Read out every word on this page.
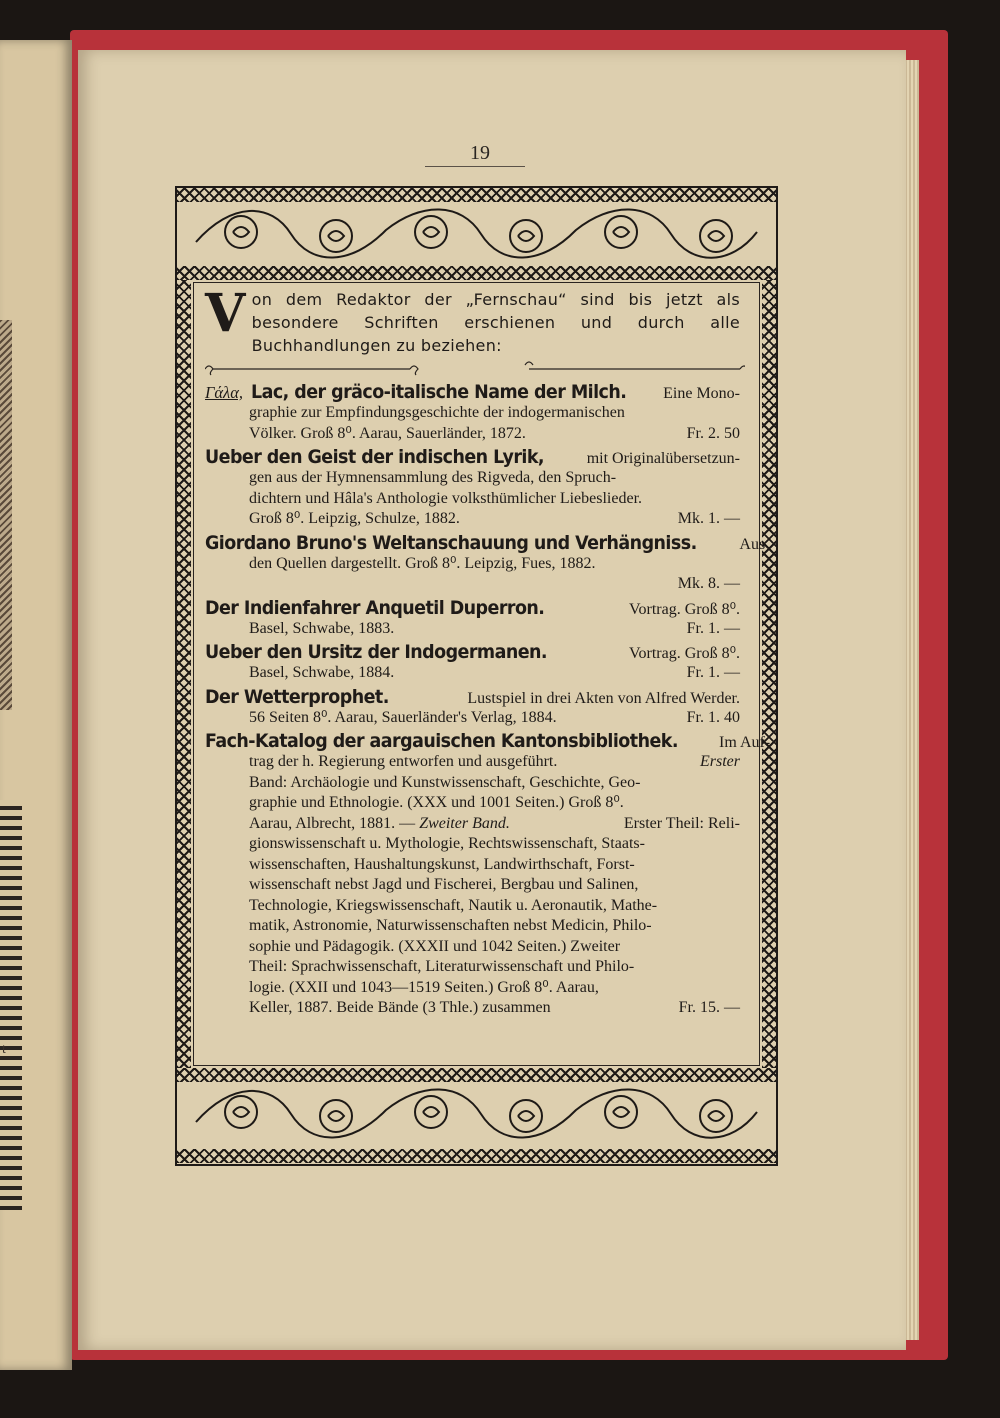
t
19
V on dem Redaktor der „Fernschau“ sind bis jetzt als besondere Schriften erschienen und durch alle Buchhandlungen zu beziehen:
Γάλα, Lac, der gräco-italische Name der Milch.	Eine Mono-
graphie zur Empfindungsgeschichte der indogermanischen
Völker. Groß 8⁰. Aarau, Sauerländer, 1872.	Fr. 2. 50
Ueber den Geist der indischen Lyrik,	mit Originalübersetzun-
gen aus der Hymnensammlung des Rigveda, den Spruch-
dichtern und Hâla's Anthologie volksthümlicher Liebeslieder.
Groß 8⁰. Leipzig, Schulze, 1882.	Mk. 1. —
Giordano Bruno's Weltanschauung und Verhängniss.	Aus
den Quellen dargestellt. Groß 8⁰. Leipzig, Fues, 1882.
Mk. 8. —
Der Indienfahrer Anquetil Duperron.	Vortrag. Groß 8⁰.
Basel, Schwabe, 1883.	Fr. 1. —
Ueber den Ursitz der Indogermanen.	Vortrag. Groß 8⁰.
Basel, Schwabe, 1884.	Fr. 1. —
Der Wetterprophet.	Lustspiel in drei Akten von Alfred Werder.
56 Seiten 8⁰. Aarau, Sauerländer's Verlag, 1884.	Fr. 1. 40
Fach-Katalog der aargauischen Kantonsbibliothek.	Im Auf-
trag der h. Regierung entworfen und ausgeführt.	Erster
Band: Archäologie und Kunstwissenschaft, Geschichte, Geo-
graphie und Ethnologie. (XXX und 1001 Seiten.) Groß 8⁰.
Aarau, Albrecht, 1881. — Zweiter Band.	Erster Theil: Reli-
gionswissenschaft u. Mythologie, Rechtswissenschaft, Staats-
wissenschaften, Haushaltungskunst, Landwirthschaft, Forst-
wissenschaft nebst Jagd und Fischerei, Bergbau und Salinen,
Technologie, Kriegswissenschaft, Nautik u. Aeronautik, Mathe-
matik, Astronomie, Naturwissenschaften nebst Medicin, Philo-
sophie und Pädagogik. (XXXII und 1042 Seiten.) Zweiter
Theil: Sprachwissenschaft, Literaturwissenschaft und Philo-
logie. (XXII und 1043—1519 Seiten.) Groß 8⁰. Aarau,
Keller, 1887. Beide Bände (3 Thle.) zusammen	Fr. 15. —
